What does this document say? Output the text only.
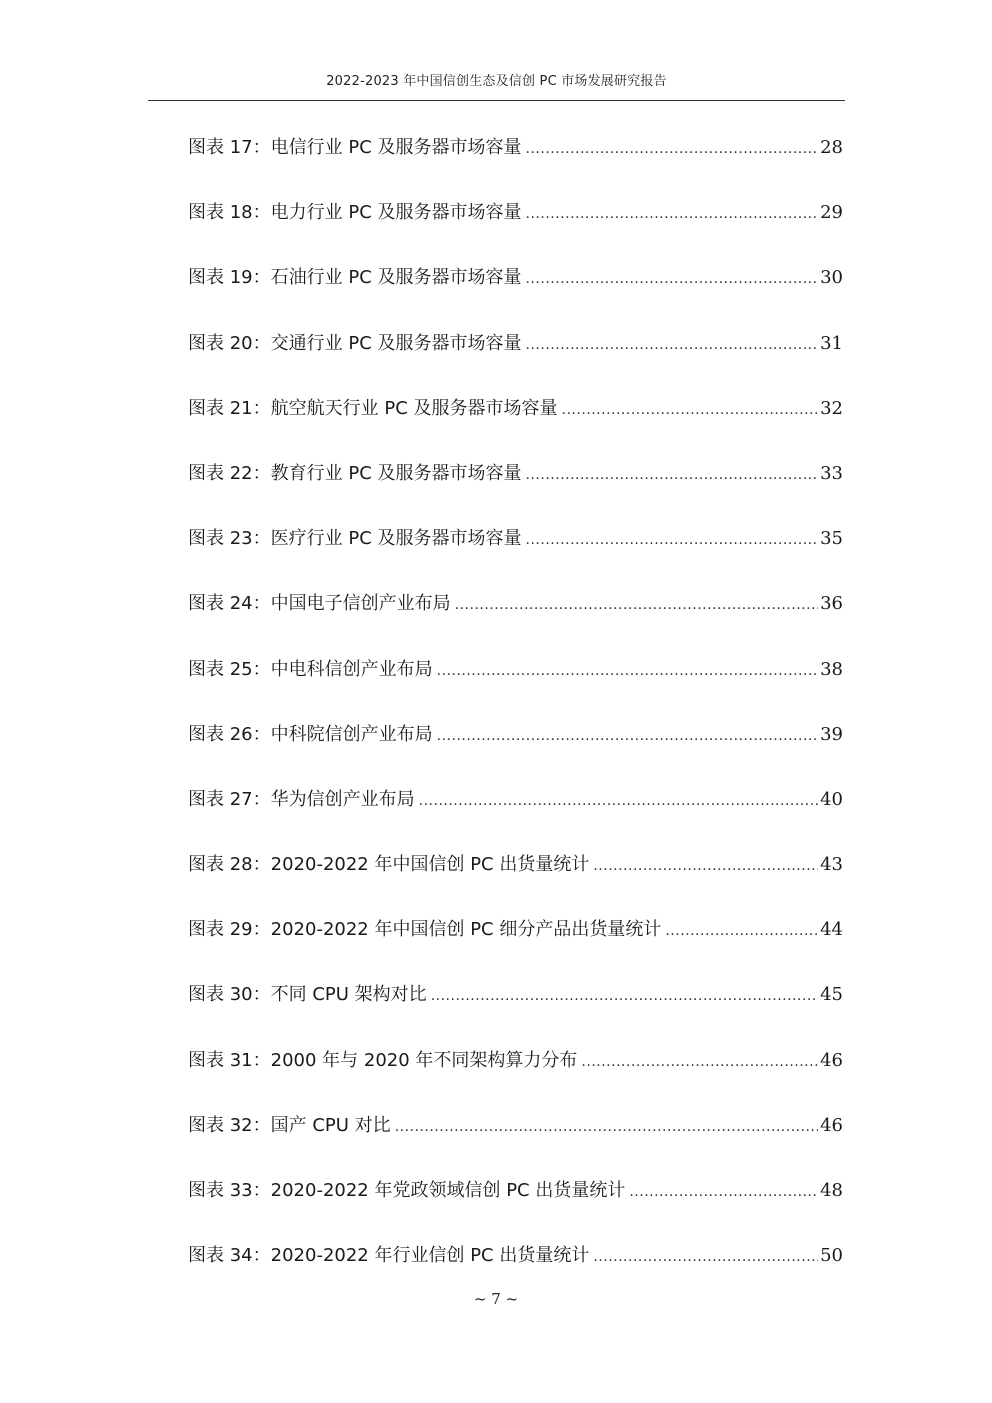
2022-2023 年中国信创生态及信创 PC 市场发展研究报告
图表 17： 电信行业 PC 及服务器市场容量 .....	28
图表 18： 电力行业 PC 及服务器市场容量 .....	29
图表 19： 石油行业 PC 及服务器市场容量 .....	30
图表 20： 交通行业 PC 及服务器市场容量 .....	31
图表 21： 航空航天行业 PC 及服务器市场容量 .....	32
图表 22： 教育行业 PC 及服务器市场容量 .....	33
图表 23： 医疗行业 PC 及服务器市场容量 .....	35
图表 24： 中国电子信创产业布局 .....	36
图表 25： 中电科信创产业布局 .....	38
图表 26： 中科院信创产业布局 .....	39
图表 27： 华为信创产业布局 .....	40
图表 28： 2020-2022 年中国信创 PC 出货量统计 .....	43
图表 29： 2020-2022 年中国信创 PC 细分产品出货量统计 .....	44
图表 30： 不同 CPU 架构对比 .....	45
图表 31： 2000 年与 2020 年不同架构算力分布 .....	46
图表 32： 国产 CPU 对比 .....	46
图表 33： 2020-2022 年党政领域信创 PC 出货量统计 .....	48
图表 34： 2020-2022 年行业信创 PC 出货量统计 .....	50
~ 7 ~
